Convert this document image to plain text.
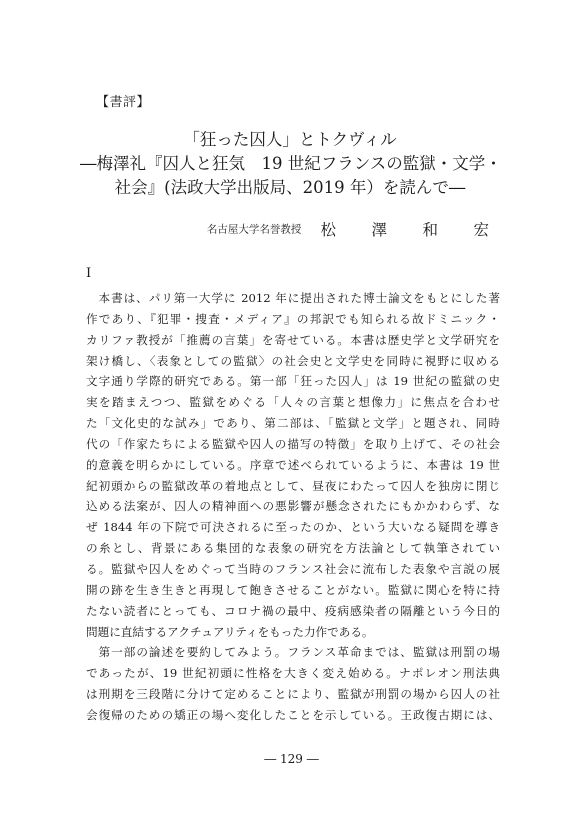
【書評】
「狂った囚人」とトクヴィル
―梅澤礼『囚人と狂気　19 世紀フランスの監獄・文学・
社会』(法政大学出版局、2019 年）を読んで―
名古屋大学名誉教授 松　澤　和　宏
I
　本書は、パリ第一大学に 2012 年に提出された博士論文をもとにした著
作であり、『犯罪・捜査・メディア』の邦訳でも知られる故ドミニック・
カリファ教授が「推薦の言葉」を寄せている。本書は歴史学と文学研究を
架け橋し、〈表象としての監獄〉の社会史と文学史を同時に視野に収める
文字通り学際的研究である。第一部「狂った囚人」は 19 世紀の監獄の史
実を踏まえつつ、監獄をめぐる「人々の言葉と想像力」に焦点を合わせ
た「文化史的な試み」であり、第二部は、「監獄と文学」と題され、同時
代の「作家たちによる監獄や囚人の描写の特徴」を取り上げて、その社会
的意義を明らかにしている。序章で述べられているように、本書は 19 世
紀初頭からの監獄改革の着地点として、昼夜にわたって囚人を独房に閉じ
込める法案が、囚人の精神面への悪影響が懸念されたにもかかわらず、な
ぜ 1844 年の下院で可決されるに至ったのか、という大いなる疑問を導き
の糸とし、背景にある集団的な表象の研究を方法論として執筆されてい
る。監獄や囚人をめぐって当時のフランス社会に流布した表象や言説の展
開の跡を生き生きと再現して飽きさせることがない。監獄に関心を特に持
たない読者にとっても、コロナ禍の最中、疫病感染者の隔離という今日的
問題に直結するアクチュアリティをもった力作である。
　第一部の論述を要約してみよう。フランス革命までは、監獄は刑罰の場
であったが、19 世紀初頭に性格を大きく変え始める。ナポレオン刑法典
は刑期を三段階に分けて定めることにより、監獄が刑罰の場から囚人の社
会復帰のための矯正の場へ変化したことを示している。王政復古期には、
― 129 ―
